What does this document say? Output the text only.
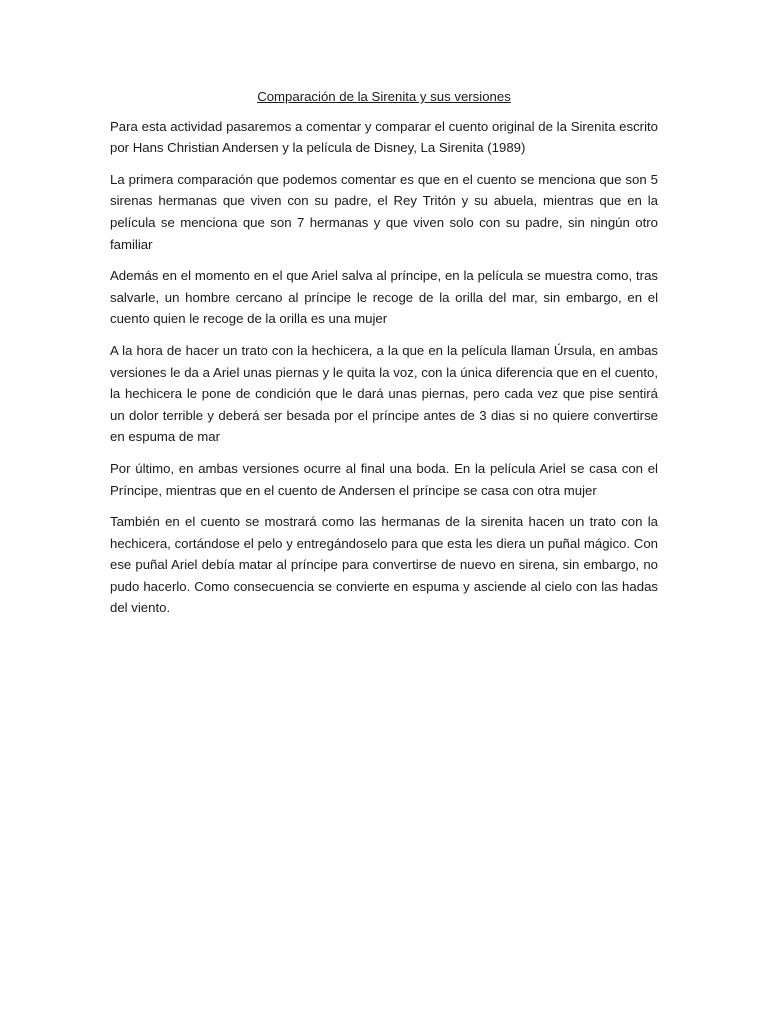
Comparación de la Sirenita y sus versiones

Para esta actividad pasaremos a comentar y comparar el cuento original de la Sirenita escrito por Hans Christian Andersen y la película de Disney, La Sirenita (1989)

La primera comparación que podemos comentar es que en el cuento se menciona que son 5 sirenas hermanas que viven con su padre, el Rey Tritón y su abuela, mientras que en la película se menciona que son 7 hermanas y que viven solo con su padre, sin ningún otro familiar

Además en el momento en el que Ariel salva al príncipe, en la película se muestra como, tras salvarle, un hombre cercano al príncipe le recoge de la orilla del mar, sin embargo, en el cuento quien le recoge de la orilla es una mujer

A la hora de hacer un trato con la hechicera, a la que en la película llaman Úrsula, en ambas versiones le da a Ariel unas piernas y le quita la voz, con la única diferencia que en el cuento, la hechicera le pone de condición que le dará unas piernas, pero cada vez que pise sentirá un dolor terrible y deberá ser besada por el príncipe antes de 3 dias si no quiere convertirse en espuma de mar

Por último, en ambas versiones ocurre al final una boda. En la película Ariel se casa con el Príncipe, mientras que en el cuento de Andersen el príncipe se casa con otra mujer

También en el cuento se mostrará como las hermanas de la sirenita hacen un trato con la hechicera, cortándose el pelo y entregándoselo para que esta les diera un puñal mágico. Con ese puñal Ariel debía matar al príncipe para convertirse de nuevo en sirena, sin embargo, no pudo hacerlo. Como consecuencia se convierte en espuma y asciende al cielo con las hadas del viento.
